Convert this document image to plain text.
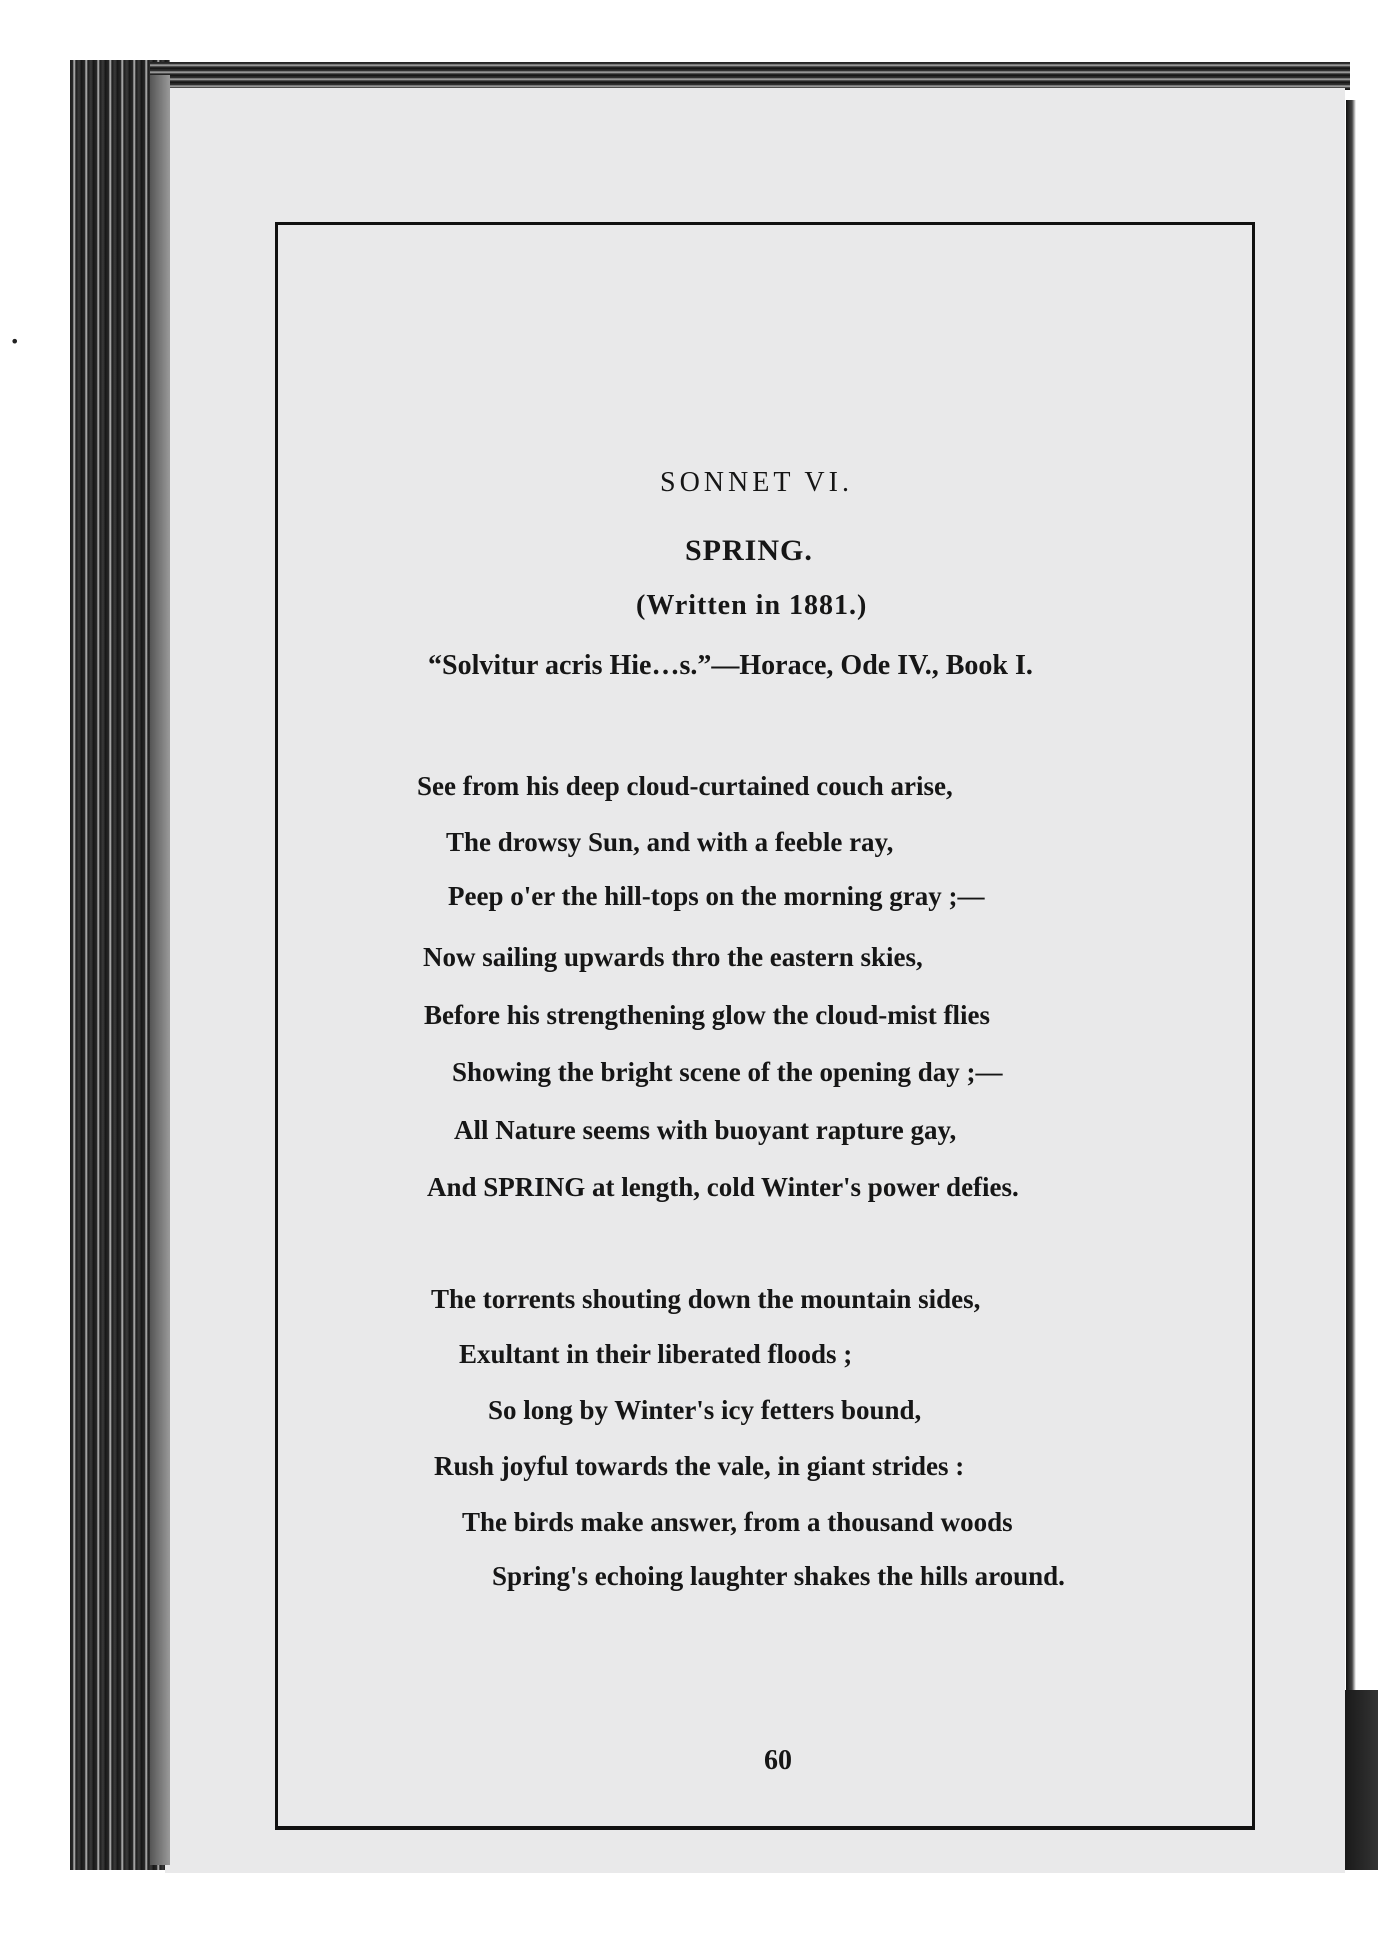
•
SONNET VI.
SPRING.
(Written in 1881.)
“Solvitur acris Hie…s.”—Horace, Ode IV., Book I.
See from his deep cloud-curtained couch arise,
The drowsy Sun, and with a feeble ray,
Peep o'er the hill-tops on the morning gray ;—
Now sailing upwards thro the eastern skies,
Before his strengthening glow the cloud-mist flies
Showing the bright scene of the opening day ;—
All Nature seems with buoyant rapture gay,
And SPRING at length, cold Winter's power defies.
The torrents shouting down the mountain sides,
Exultant in their liberated floods ;
So long by Winter's icy fetters bound,
Rush joyful towards the vale, in giant strides :
The birds make answer, from a thousand woods
Spring's echoing laughter shakes the hills around.
60
